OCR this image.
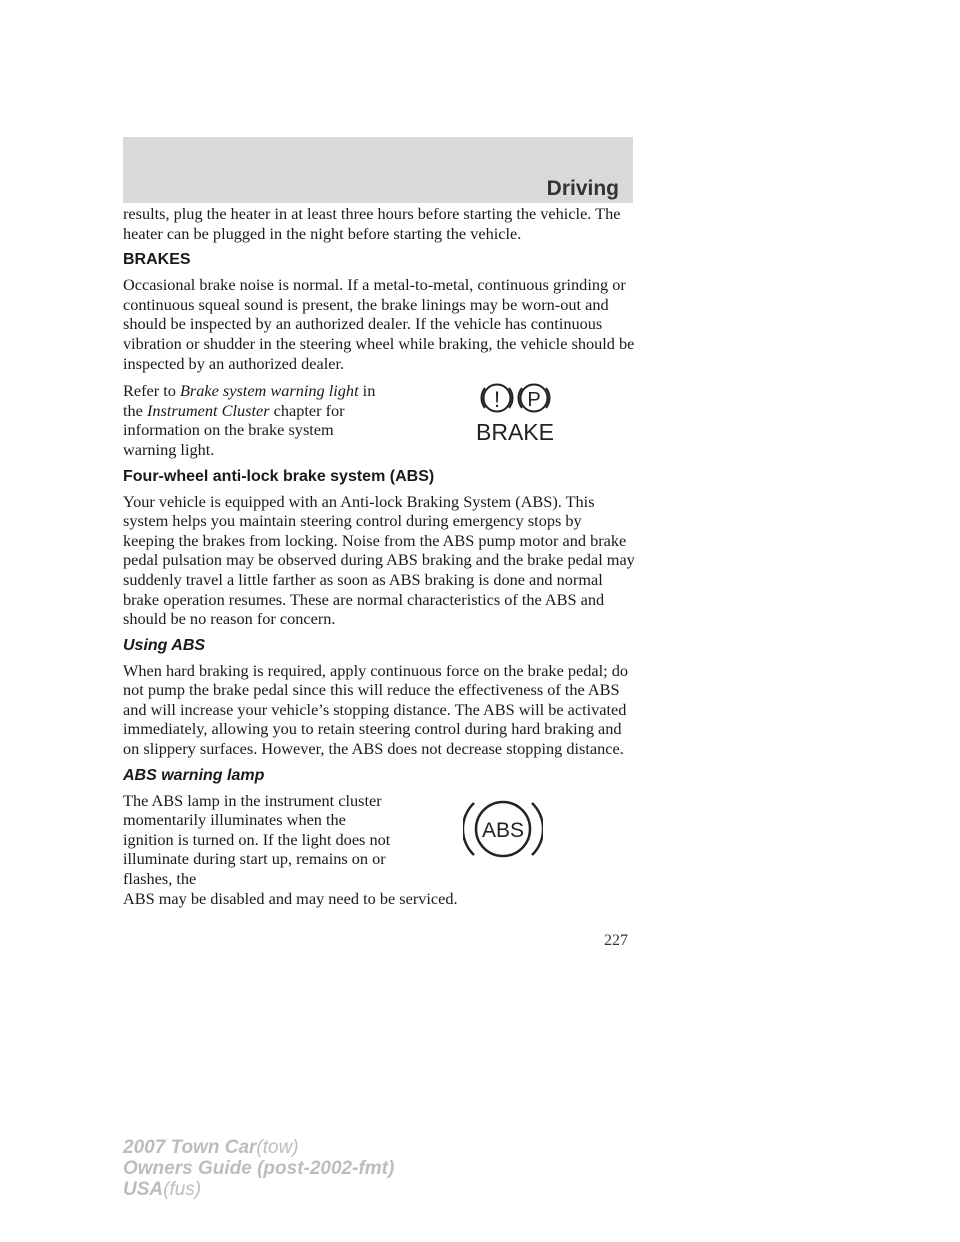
Driving

results, plug the heater in at least three hours before starting the vehicle. The heater can be plugged in the night before starting the vehicle.

BRAKES

Occasional brake noise is normal. If a metal-to-metal, continuous grinding or continuous squeal sound is present, the brake linings may be worn-out and should be inspected by an authorized dealer. If the vehicle has continuous vibration or shudder in the steering wheel while braking, the vehicle should be inspected by an authorized dealer.

Refer to Brake system warning light in the Instrument Cluster chapter for information on the brake system warning light.

! P
BRAKE
Four-wheel anti-lock brake system (ABS)

Your vehicle is equipped with an Anti-lock Braking System (ABS). This system helps you maintain steering control during emergency stops by keeping the brakes from locking. Noise from the ABS pump motor and brake pedal pulsation may be observed during ABS braking and the brake pedal may suddenly travel a little farther as soon as ABS braking is done and normal brake operation resumes. These are normal characteristics of the ABS and should be no reason for concern.

Using ABS

When hard braking is required, apply continuous force on the brake pedal; do not pump the brake pedal since this will reduce the effectiveness of the ABS and will increase your vehicle’s stopping distance. The ABS will be activated immediately, allowing you to retain steering control during hard braking and on slippery surfaces. However, the ABS does not decrease stopping distance.

ABS warning lamp

The ABS lamp in the instrument cluster momentarily illuminates when the ignition is turned on. If the light does not illuminate during start up, remains on or flashes, the

ABS

ABS may be disabled and may need to be serviced.

227
2007 Town Car(tow)
Owners Guide (post-2002-fmt)
USA(fus)
